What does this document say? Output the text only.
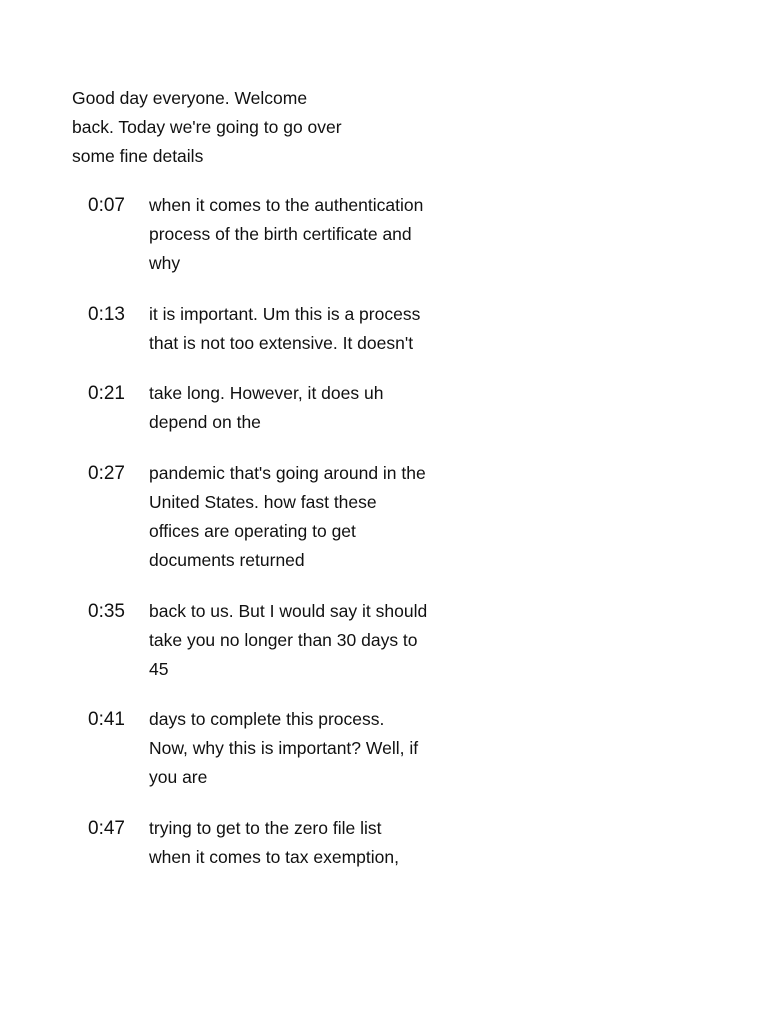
Good day everyone. Welcome
back. Today we're going to go over
some fine details

0:07 when it comes to the authentication
process of the birth certificate and
why
0:13 it is important. Um this is a process
that is not too extensive. It doesn't
0:21 take long. However, it does uh
depend on the
0:27 pandemic that's going around in the
United States. how fast these
offices are operating to get
documents returned
0:35 back to us. But I would say it should
take you no longer than 30 days to
45
0:41 days to complete this process.
Now, why this is important? Well, if
you are
0:47 trying to get to the zero file list
when it comes to tax exemption,
